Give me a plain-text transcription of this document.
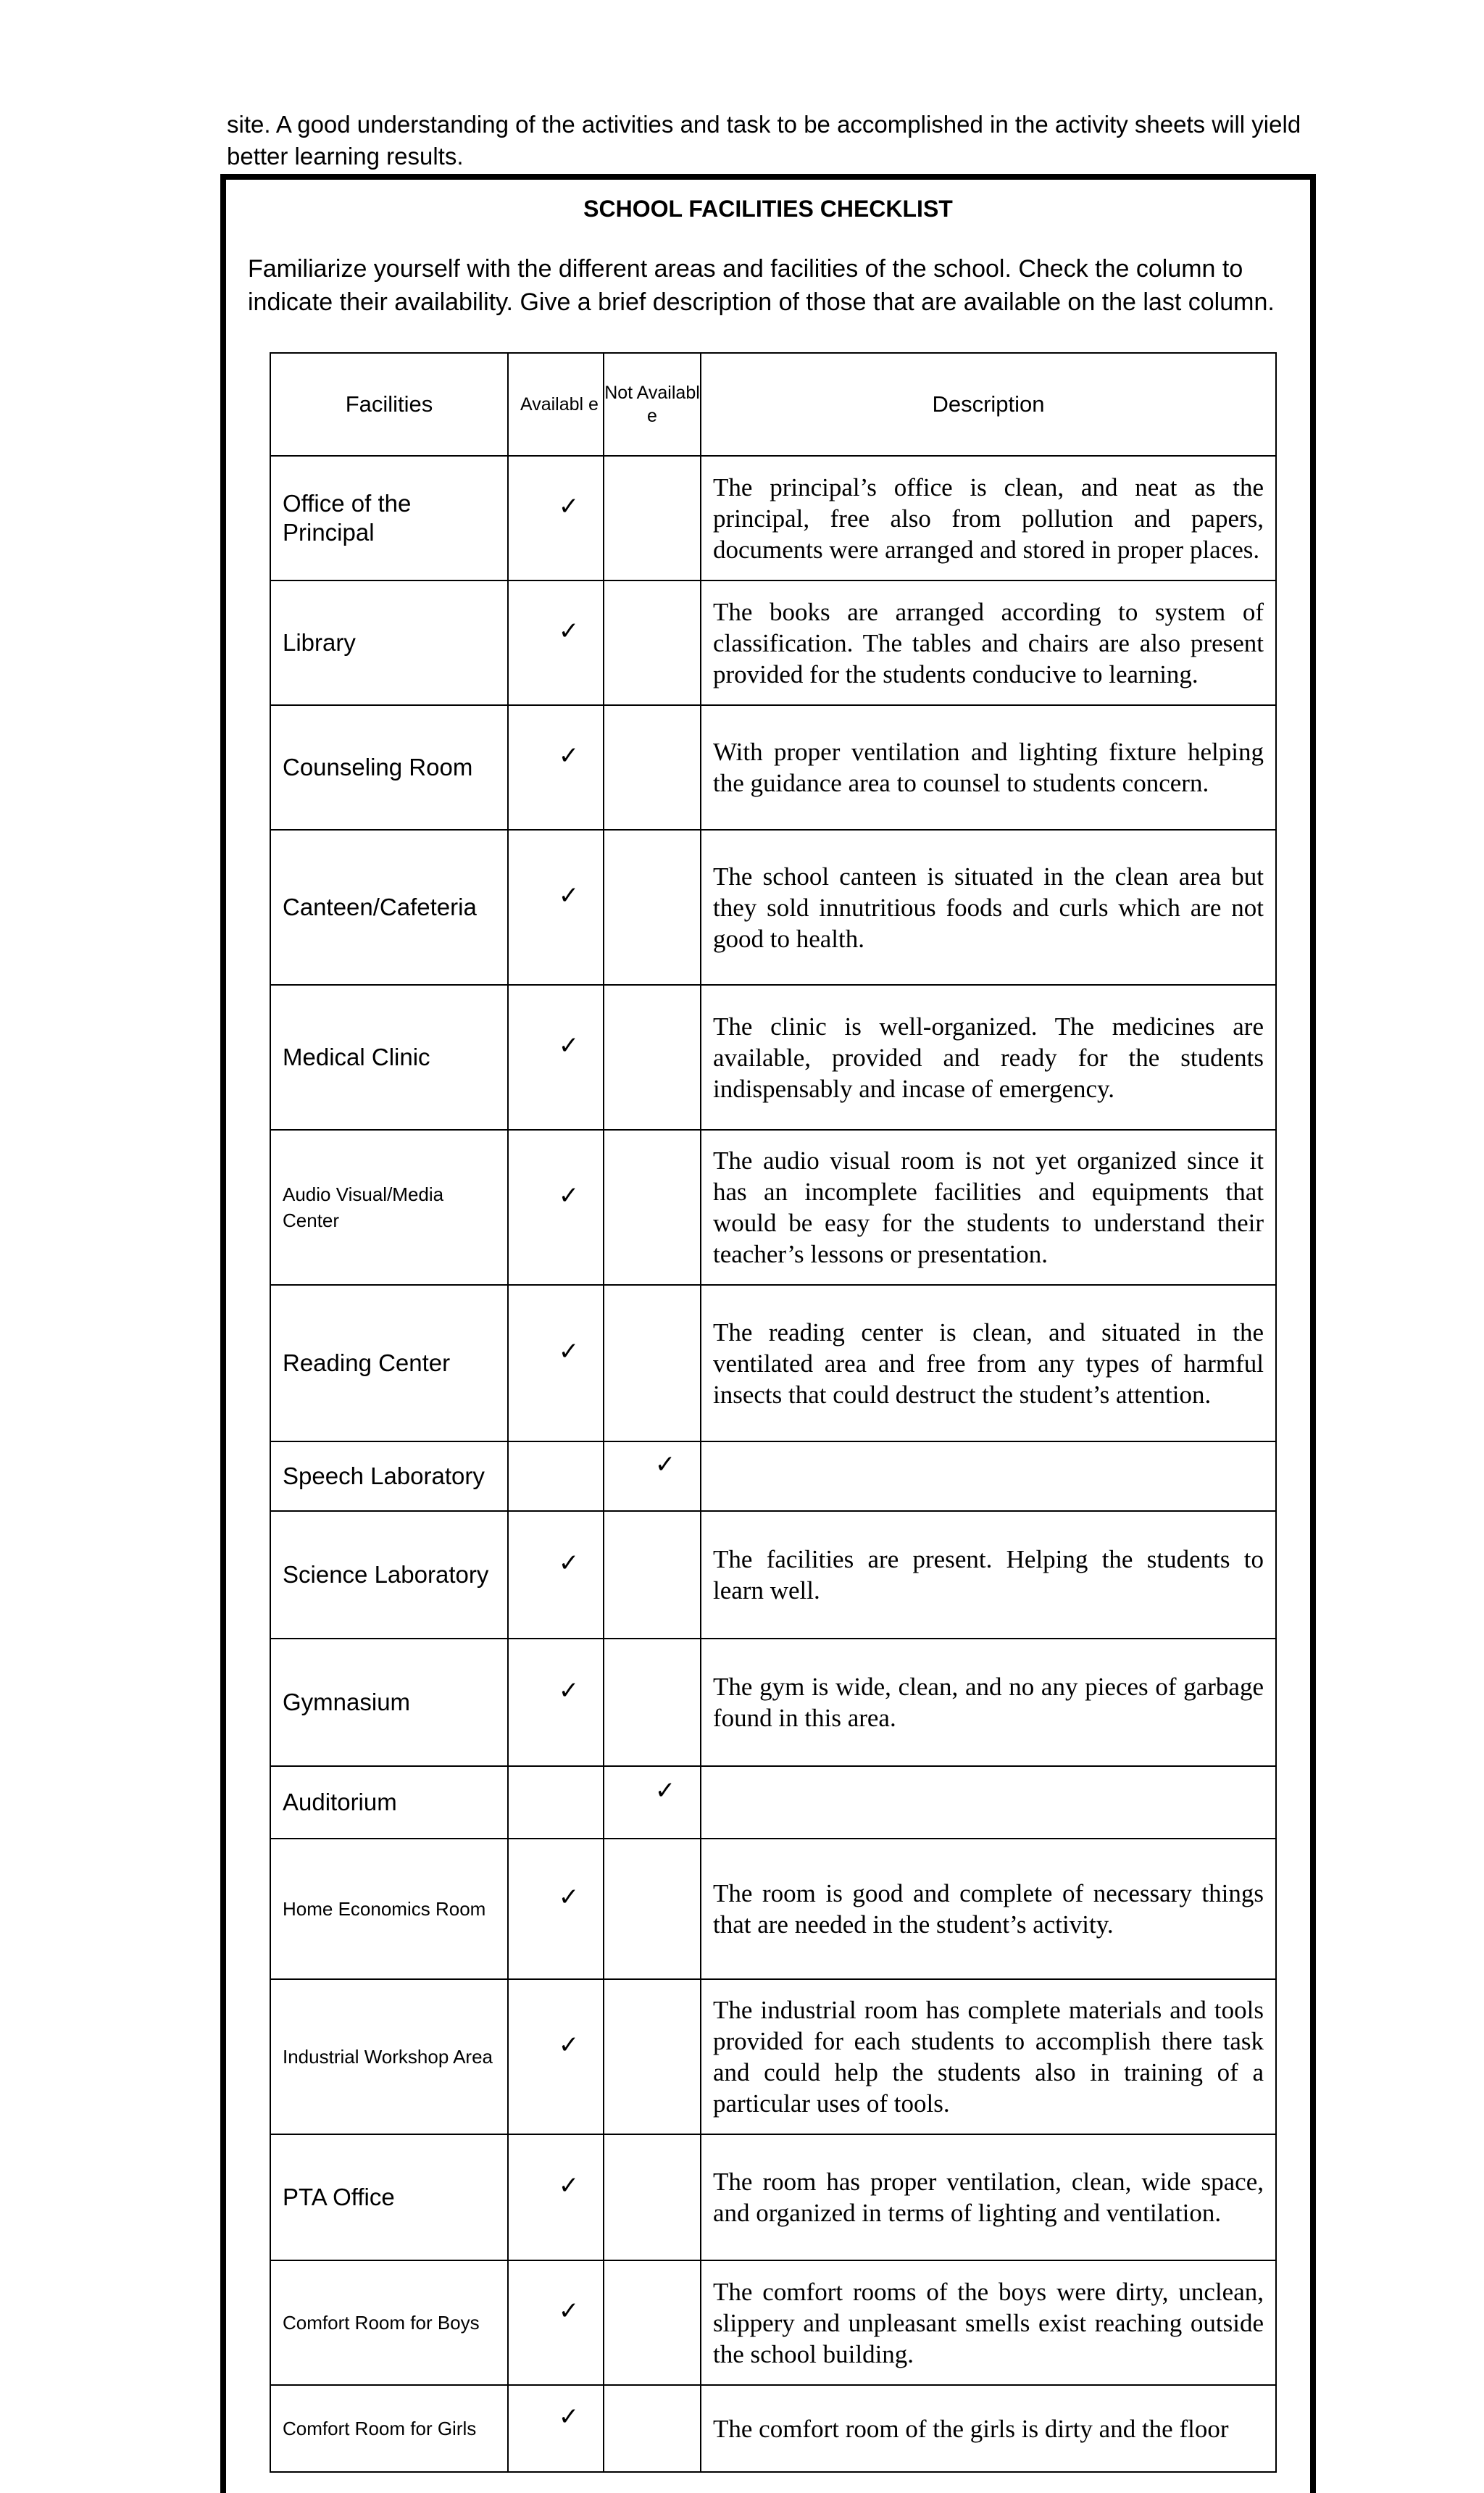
site. A good understanding of the activities and task to be accomplished in the activity sheets will yield better learning results.
SCHOOL FACILITIES CHECKLIST
Familiarize yourself with the different areas and facilities of the school. Check the column to indicate their availability. Give a brief description of those that are available on the last column.
Facilities	Availabl e	Not Availabl e	Description
Office of the Principal	✓		The principal’s office is clean, and neat as the principal, free also from pollution and papers, documents were arranged and stored in proper places.
Library	✓		The books are arranged according to system of classification. The tables and chairs are also present provided for the students conducive to learning.
Counseling Room	✓		With proper ventilation and lighting fixture helping the guidance area to counsel to students concern.
Canteen/Cafeteria	✓		The school canteen is situated in the clean area but they sold innutritious foods and curls which are not good to health.
Medical Clinic	✓		The clinic is well-organized. The medicines are available, provided and ready for the students indispensably and incase of emergency.
Audio Visual/Media Center	✓		The audio visual room is not yet organized since it has an incomplete facilities and equipments that would be easy for the students to understand their teacher’s lessons or presentation.
Reading Center	✓		The reading center is clean, and situated in the ventilated area and free from any types of harmful insects that could destruct the student’s attention.
Speech Laboratory		✓	
Science Laboratory	✓		The facilities are present. Helping the students to learn well.
Gymnasium	✓		The gym is wide, clean, and no any pieces of garbage found in this area.
Auditorium		✓	
Home Economics Room	✓		The room is good and complete of necessary things that are needed in the student’s activity.
Industrial Workshop Area	✓		The industrial room has complete materials and tools provided for each students to accomplish there task and could help the students also in training of a particular uses of tools.
PTA Office	✓		The room has proper ventilation, clean, wide space, and organized in terms of lighting and ventilation.
Comfort Room for Boys	✓		The comfort rooms of the boys were dirty, unclean, slippery and unpleasant smells exist reaching outside the school building.
Comfort Room for Girls	✓		The comfort room of the girls is dirty and the floor
